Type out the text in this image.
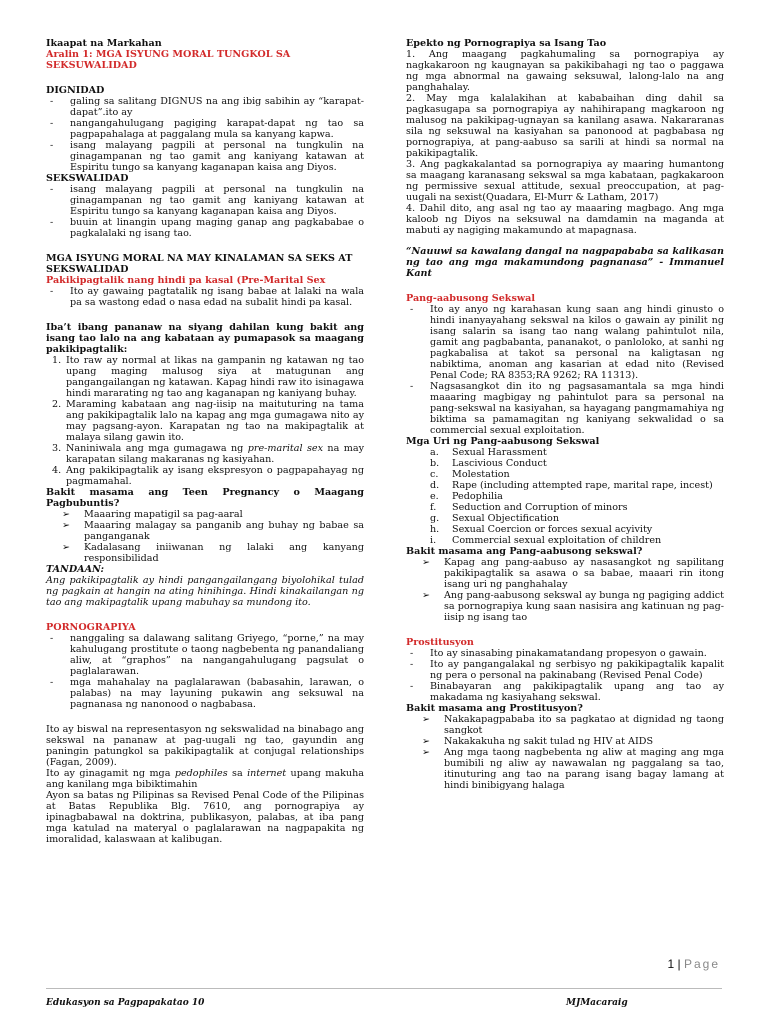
Ikaapat na Markahan

Aralin 1: MGA ISYUNG MORAL TUNGKOL SA SEKSUWALIDAD

DIGNIDAD

-	galing sa salitang DIGNUS na ang ibig sabihin ay “karapat-dapat”.ito ay
-	nangangahulugang pagiging karapat-dapat ng tao sa pagpapahalaga at paggalang mula sa kanyang kapwa.
-	isang malayang pagpili at personal na tungkulin na ginagampanan ng tao gamit ang kaniyang katawan at Espiritu tungo sa kanyang kaganapan kaisa ang Diyos.

SEKSWALIDAD

-	isang malayang pagpili at personal na tungkulin na ginagampanan ng tao gamit ang kaniyang katawan at Espiritu tungo sa kanyang kaganapan kaisa ang Diyos.
-	buuin at linangin upang maging ganap ang pagkababae o pagkalalaki ng isang tao.

MGA ISYUNG MORAL NA MAY KINALAMAN SA SEKS AT SEKSWALIDAD

Pakikipagtalik nang hindi pa kasal (Pre-Marital Sex

-	Ito ay gawaing pagtatalik ng isang babae at lalaki na wala pa sa wastong edad o nasa edad na subalit hindi pa kasal.

Iba’t ibang pananaw na siyang dahilan kung bakit ang isang tao lalo na ang kabataan ay pumapasok sa maagang pakikipagtalik:

1. Ito raw ay normal at likas na gampanin ng katawan ng tao upang maging malusog siya at matugunan ang pangangailangan ng katawan. Kapag hindi raw ito isinagawa hindi mararating ng tao ang kaganapan ng kaniyang buhay.
2. Maraming kabataan ang nag-iisip na maituturing na tama ang pakikipagtalik lalo na kapag ang mga gumagawa nito ay may pagsang-ayon. Karapatan ng tao na makipagtalik at malaya silang gawin ito.
3. Naniniwala ang mga gumagawa ng pre-marital sex na may karapatan silang makaranas ng kasiyahan.
4. Ang pakikipagtalik ay isang ekspresyon o pagpapahayag ng pagmamahal.

Bakit masama ang Teen Pregnancy o Maagang Pagbubuntis?

➢	Maaaring mapatigil sa pag-aaral
➢	Maaaring malagay sa panganib ang buhay ng babae sa panganganak
➢	Kadalasang iniiwanan ng lalaki ang kanyang responsibilidad

TANDAAN:

Ang pakikipagtalik ay hindi pangangailangang biyolohikal tulad ng pagkain at hangin na ating hinihinga. Hindi kinakailangan ng tao ang makipagtalik upang mabuhay sa mundong ito.

PORNOGRAPIYA

-	nanggaling sa dalawang salitang Griyego, “porne,” na may kahulugang prostitute o taong nagbebenta ng panandaliang aliw, at “graphos” na nangangahulugang pagsulat o paglalarawan.
-	mga mahahalay na paglalarawan (babasahin, larawan, o palabas) na may layuning pukawin ang seksuwal na pagnanasa ng nanonood o nagbabasa.

Ito ay biswal na representasyon ng sekswalidad na binabago ang sekswal na pananaw at pag-uugali ng tao, gayundin ang paningin patungkol sa pakikipagtalik at conjugal relationships (Fagan, 2009).

Ito ay ginagamit ng mga pedophiles sa internet upang makuha ang kanilang mga bibiktimahin

Ayon sa batas ng Pilipinas sa Revised Penal Code of the Pilipinas at Batas Republika Blg. 7610, ang pornograpiya ay ipinagbabawal na doktrina, publikasyon, palabas, at iba pang mga katulad na materyal o paglalarawan na nagpapakita ng imoralidad, kalaswaan at kalibugan.

Epekto ng Pornograpiya sa Isang Tao

1. Ang maagang pagkahumaling sa pornograpiya ay nagkakaroon ng kaugnayan sa pakikibahagi ng tao o paggawa ng mga abnormal na gawaing seksuwal, lalong-lalo na ang panghahalay.

2. May mga kalalakihan at kababaihan ding dahil sa pagkasugapa sa pornograpiya ay nahihirapang magkaroon ng malusog na pakikipag-ugnayan sa kanilang asawa. Nakararanas sila ng seksuwal na kasiyahan sa panonood at pagbabasa ng pornograpiya, at pang-aabuso sa sarili at hindi sa normal na pakikipagtalik.

3. Ang pagkakalantad sa pornograpiya ay maaring humantong sa maagang karanasang sekswal sa mga kabataan, pagkakaroon ng permissive sexual attitude, sexual preoccupation, at pag-uugali na sexist(Quadara, El-Murr & Latham, 2017)

4. Dahil dito, ang asal ng tao ay maaaring magbago. Ang mga kaloob ng Diyos na seksuwal na damdamin na maganda at mabuti ay nagiging makamundo at mapagnasa.

“Nauuwi sa kawalang dangal na nagpapababa sa kalikasan ng tao ang mga makamundong pagnanasa” - Immanuel Kant

Pang-aabusong Sekswal

-	Ito ay anyo ng karahasan kung saan ang hindi ginusto o hindi inanyayahang sekswal na kilos o gawain ay pinilit ng isang salarin sa isang tao nang walang pahintulot nila, gamit ang pagbabanta, pananakot, o panloloko, at sanhi ng pagkabalisa at takot sa personal na kaligtasan ng nabiktima, anoman ang kasarian at edad nito (Revised Penal Code; RA 8353;RA 9262; RA 11313).
-	Nagsasangkot din ito ng pagsasamantala sa mga hindi maaaring magbigay ng pahintulot para sa personal na pang-sekswal na kasiyahan, sa hayagang pangmamahiya ng biktima sa pamamagitan ng kaniyang sekwalidad o sa commercial sexual exploitation.

Mga Uri ng Pang-aabusong Sekswal

a.	Sexual Harassment
b.	Lascivious Conduct
c.	Molestation
d.	Rape (including attempted rape, marital rape, incest)
e.	Pedophilia
f.	Seduction and Corruption of minors
g.	Sexual Objectification
h.	Sexual Coercion or forces sexual acyivity
i.	Commercial sexual exploitation of children

Bakit masama ang Pang-aabusong sekswal?

➢	Kapag ang pang-aabuso ay nasasangkot ng sapilitang pakikipagtalik sa asawa o sa babae, maaari rin itong isang uri ng panghahalay
➢	Ang pang-aabusong sekswal ay bunga ng pagiging addict sa pornograpiya kung saan nasisira ang katinuan ng pag-iisip ng isang tao

Prostitusyon

-	Ito ay sinasabing pinakamatandang propesyon o gawain.
-	Ito ay pangangalakal ng serbisyo ng pakikipagtalik kapalit ng pera o personal na pakinabang (Revised Penal Code)
-	Binabayaran ang pakikipagtalik upang ang tao ay makadama ng kasiyahang sekswal.

Bakit masama ang Prostitusyon?

➢	Nakakapagpababa ito sa pagkatao at dignidad ng taong sangkot
➢	Nakakakuha ng sakit tulad ng HIV at AIDS
➢	Ang mga taong nagbebenta ng aliw at maging ang mga bumibili ng aliw ay nawawalan ng paggalang sa tao, itinuturing ang tao na parang isang bagay lamang at hindi binibigyang halaga
1 | Page
Edukasyon sa Pagpapakatao 10	MJMacaraig
